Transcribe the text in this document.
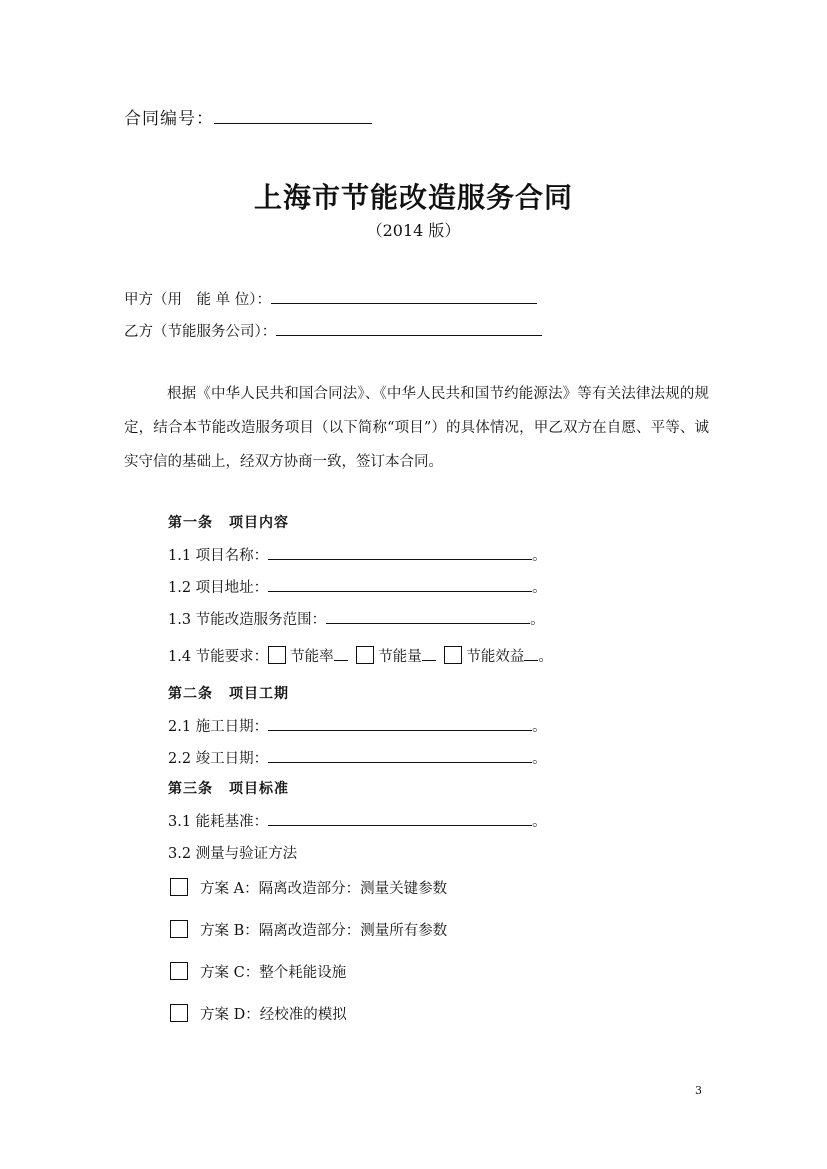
合同编号：
上海市节能改造服务合同
（2014 版）
甲方（用　能 单 位）：
乙方（节能服务公司）：

根据《中华人民共和国合同法》、《中华人民共和国节约能源法》等有关法律法规的规定，结合本节能改造服务项目（以下简称“项目”）的具体情况，甲乙双方在自愿、平等、诚实守信的基础上，经双方协商一致，签订本合同。

第一条 项目内容
1.1 项目名称：	。
1.2 项目地址：	。
1.3 节能改造服务范围：	。
1.4 节能要求： 节能率	节能量	节能效益 。
第二条 项目工期
2.1 施工日期：	。
2.2 竣工日期：	。
第三条 项目标准
3.1 能耗基准：	。
3.2 测量与验证方法
方案 A：隔离改造部分：测量关键参数
方案 B：隔离改造部分：测量所有参数
方案 C：整个耗能设施
方案 D：经校准的模拟
3
